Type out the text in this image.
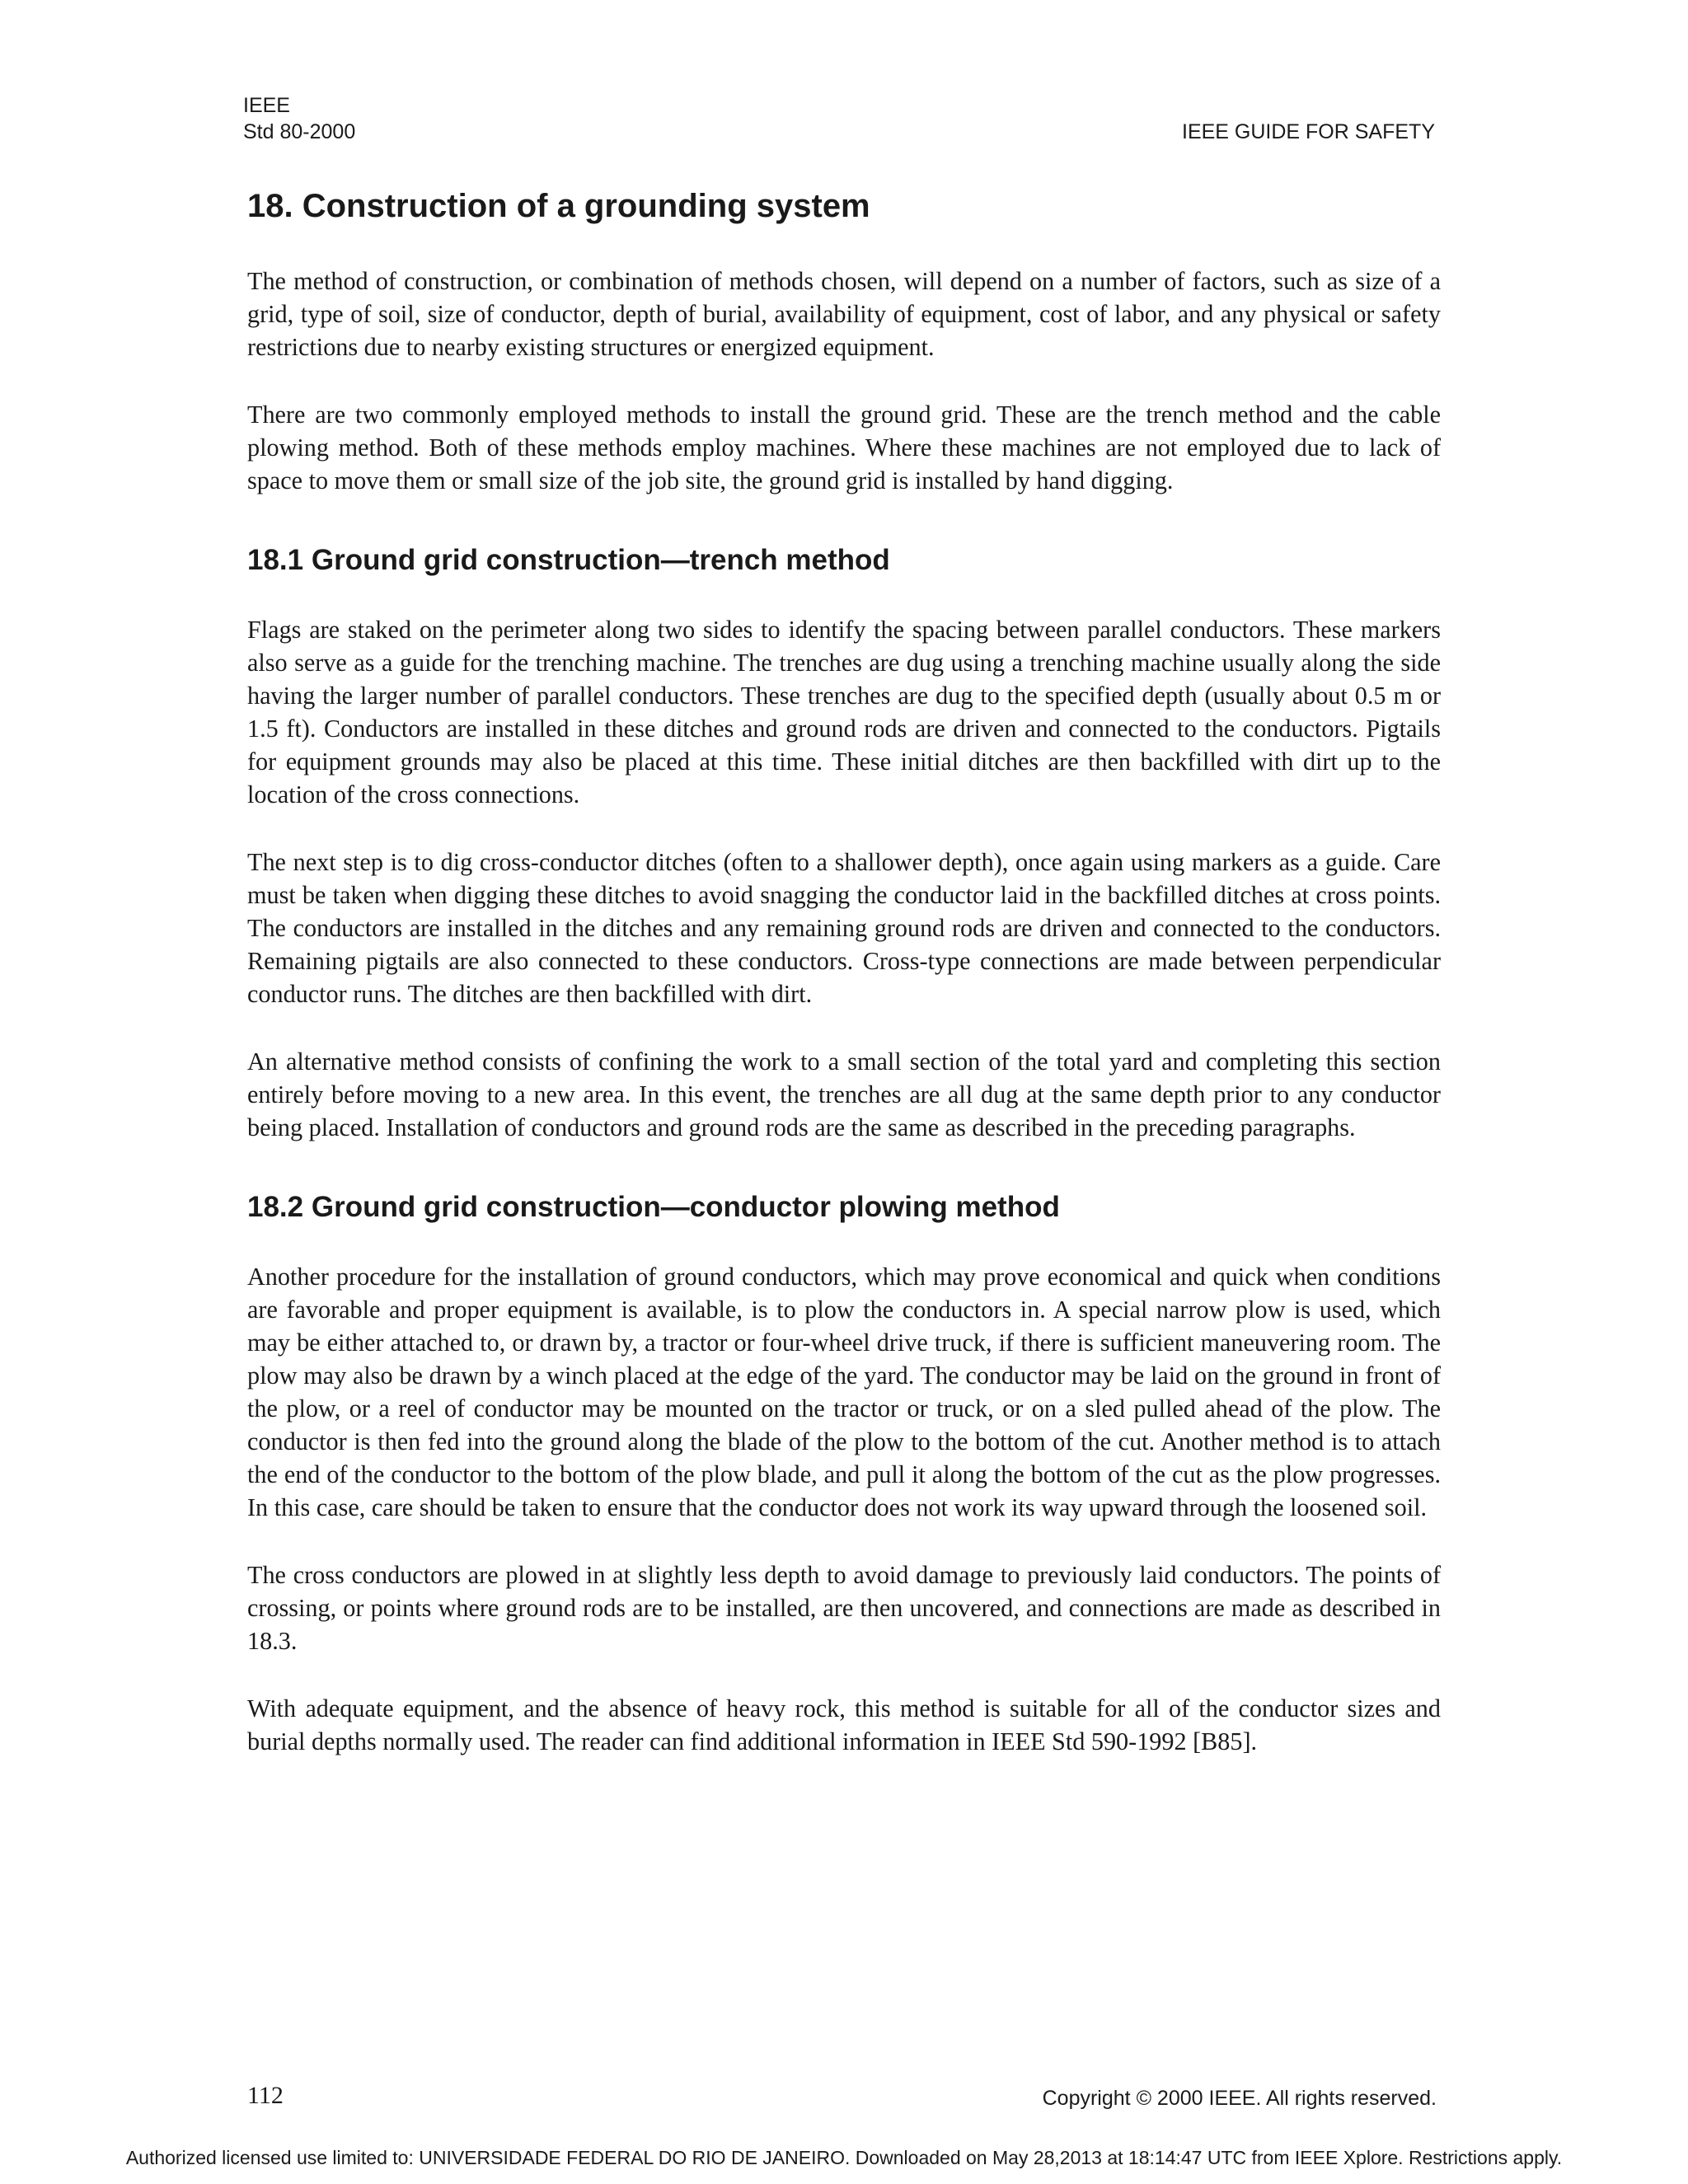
IEEE
Std 80-2000	IEEE GUIDE FOR SAFETY
18. Construction of a grounding system

The method of construction, or combination of methods chosen, will depend on a number of factors, such as size of a grid, type of soil, size of conductor, depth of burial, availability of equipment, cost of labor, and any physical or safety restrictions due to nearby existing structures or energized equipment.

There are two commonly employed methods to install the ground grid. These are the trench method and the cable plowing method. Both of these methods employ machines. Where these machines are not employed due to lack of space to move them or small size of the job site, the ground grid is installed by hand digging.

18.1 Ground grid construction—trench method

Flags are staked on the perimeter along two sides to identify the spacing between parallel conductors. These markers also serve as a guide for the trenching machine. The trenches are dug using a trenching machine usually along the side having the larger number of parallel conductors. These trenches are dug to the specified depth (usually about 0.5 m or 1.5 ft). Conductors are installed in these ditches and ground rods are driven and connected to the conductors. Pigtails for equipment grounds may also be placed at this time. These initial ditches are then backfilled with dirt up to the location of the cross connections.

The next step is to dig cross-conductor ditches (often to a shallower depth), once again using markers as a guide. Care must be taken when digging these ditches to avoid snagging the conductor laid in the backfilled ditches at cross points. The conductors are installed in the ditches and any remaining ground rods are driven and connected to the conductors. Remaining pigtails are also connected to these conductors. Cross-type connections are made between perpendicular conductor runs. The ditches are then backfilled with dirt.

An alternative method consists of confining the work to a small section of the total yard and completing this section entirely before moving to a new area. In this event, the trenches are all dug at the same depth prior to any conductor being placed. Installation of conductors and ground rods are the same as described in the preceding paragraphs.

18.2 Ground grid construction—conductor plowing method

Another procedure for the installation of ground conductors, which may prove economical and quick when conditions are favorable and proper equipment is available, is to plow the conductors in. A special narrow plow is used, which may be either attached to, or drawn by, a tractor or four-wheel drive truck, if there is sufficient maneuvering room. The plow may also be drawn by a winch placed at the edge of the yard. The conductor may be laid on the ground in front of the plow, or a reel of conductor may be mounted on the tractor or truck, or on a sled pulled ahead of the plow. The conductor is then fed into the ground along the blade of the plow to the bottom of the cut. Another method is to attach the end of the conductor to the bottom of the plow blade, and pull it along the bottom of the cut as the plow progresses. In this case, care should be taken to ensure that the conductor does not work its way upward through the loosened soil.

The cross conductors are plowed in at slightly less depth to avoid damage to previously laid conductors. The points of crossing, or points where ground rods are to be installed, are then uncovered, and connections are made as described in 18.3.

With adequate equipment, and the absence of heavy rock, this method is suitable for all of the conductor sizes and burial depths normally used. The reader can find additional information in IEEE Std 590-1992 [B85].

112	Copyright © 2000 IEEE. All rights reserved.
Authorized licensed use limited to: UNIVERSIDADE FEDERAL DO RIO DE JANEIRO. Downloaded on May 28,2013 at 18:14:47 UTC from IEEE Xplore. Restrictions apply.
